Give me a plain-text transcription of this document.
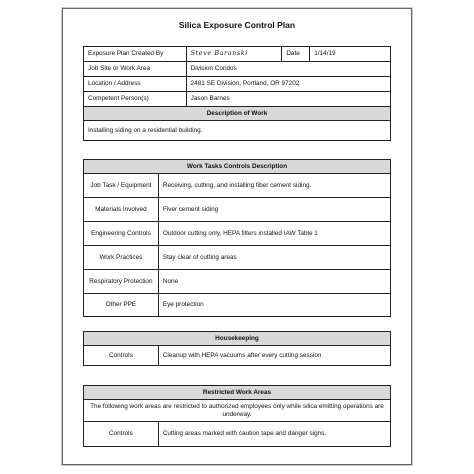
Silica Exposure Control Plan
Exposure Plan Created By	Steve Baranski	Date	1/14/19
Job Site or Work Area	Division Condos		
Location / Address	2481 SE Division, Portland, OR 97202		
Competent Person(s)	Jason Barnes		
Description of Work			
Installing siding on a residential building.			
Work Tasks Controls Description	
Job Task / Equipment	Receiving, cutting, and installing fiber cement siding.
Materials Involved	Fiver cement siding
Engineering Controls	Outdoor cutting only, HEPA filters installed IAW Table 1
Work Practices	Stay clear of cutting areas
Respiratory Protection	None
Other PPE	Eye protection
Housekeeping
Controls	Cleanup with HEPA vacuums after every cutting session
Restricted Work Areas
The following work areas are restricted to authorized employees only while silica emitting operations are underway.
Controls	Cutting areas marked with caution tape and danger signs.
